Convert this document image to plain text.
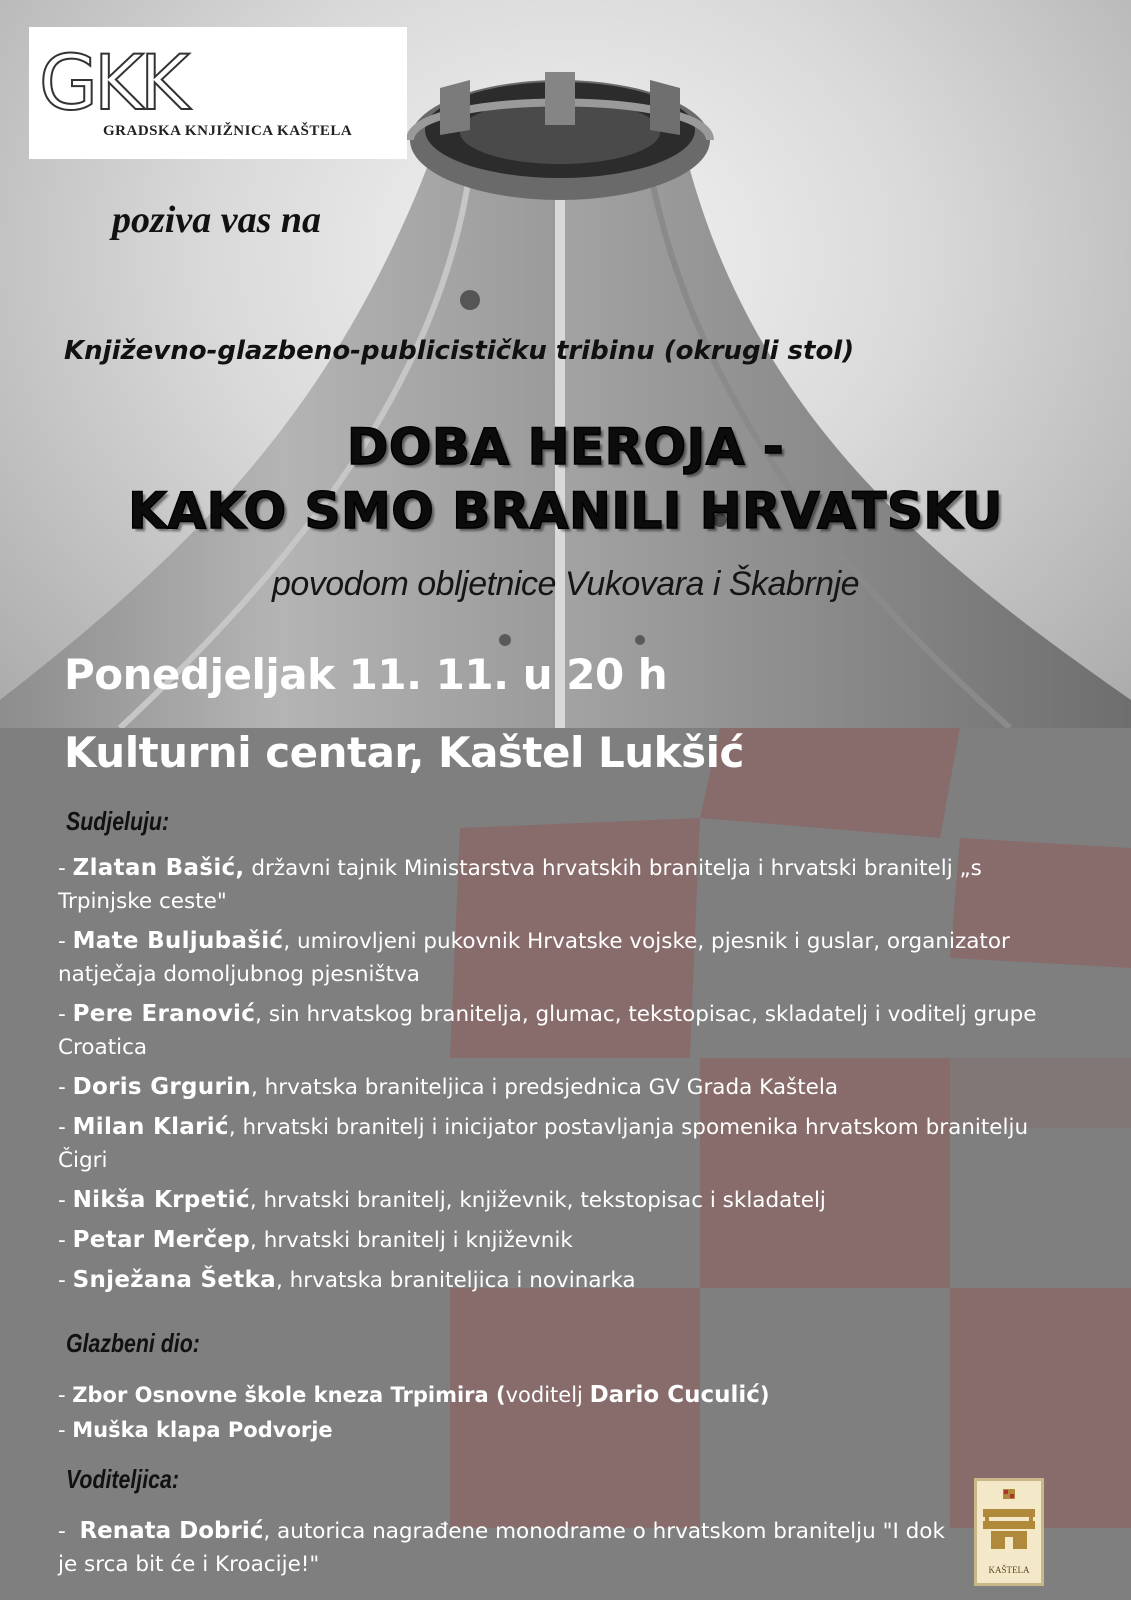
GKK
GRADSKA KNJIŽNICA KAŠTELA
poziva vas na
Književno-glazbeno-publicističku tribinu (okrugli stol)
DOBA HEROJA -
KAKO SMO BRANILI HRVATSKU
povodom obljetnice Vukovara i Škabrnje
Ponedjeljak 11. 11. u 20 h
Kulturni centar, Kaštel Lukšić
Sudjeluju:
- Zlatan Bašić, državni tajnik Ministarstva hrvatskih branitelja i hrvatski branitelj „s Trpinjske ceste"
- Mate Buljubašić, umirovljeni pukovnik Hrvatske vojske, pjesnik i guslar, organizator natječaja domoljubnog pjesništva
- Pere Eranović, sin hrvatskog branitelja, glumac, tekstopisac, skladatelj i voditelj grupe Croatica
- Doris Grgurin, hrvatska braniteljica i predsjednica GV Grada Kaštela
- Milan Klarić, hrvatski branitelj i inicijator postavljanja spomenika hrvatskom branitelju Čigri
- Nikša Krpetić, hrvatski branitelj, književnik, tekstopisac i skladatelj
- Petar Merčep, hrvatski branitelj i književnik
- Snježana Šetka, hrvatska braniteljica i novinarka
Glazbeni dio:
- Zbor Osnovne škole kneza Trpimira (voditelj Dario Cuculić)
- Muška klapa Podvorje
Voditeljica:
-  Renata Dobrić, autorica nagrađene monodrame o hrvatskom branitelju "I dok je srca bit će i Kroacije!"	KAŠTELA
